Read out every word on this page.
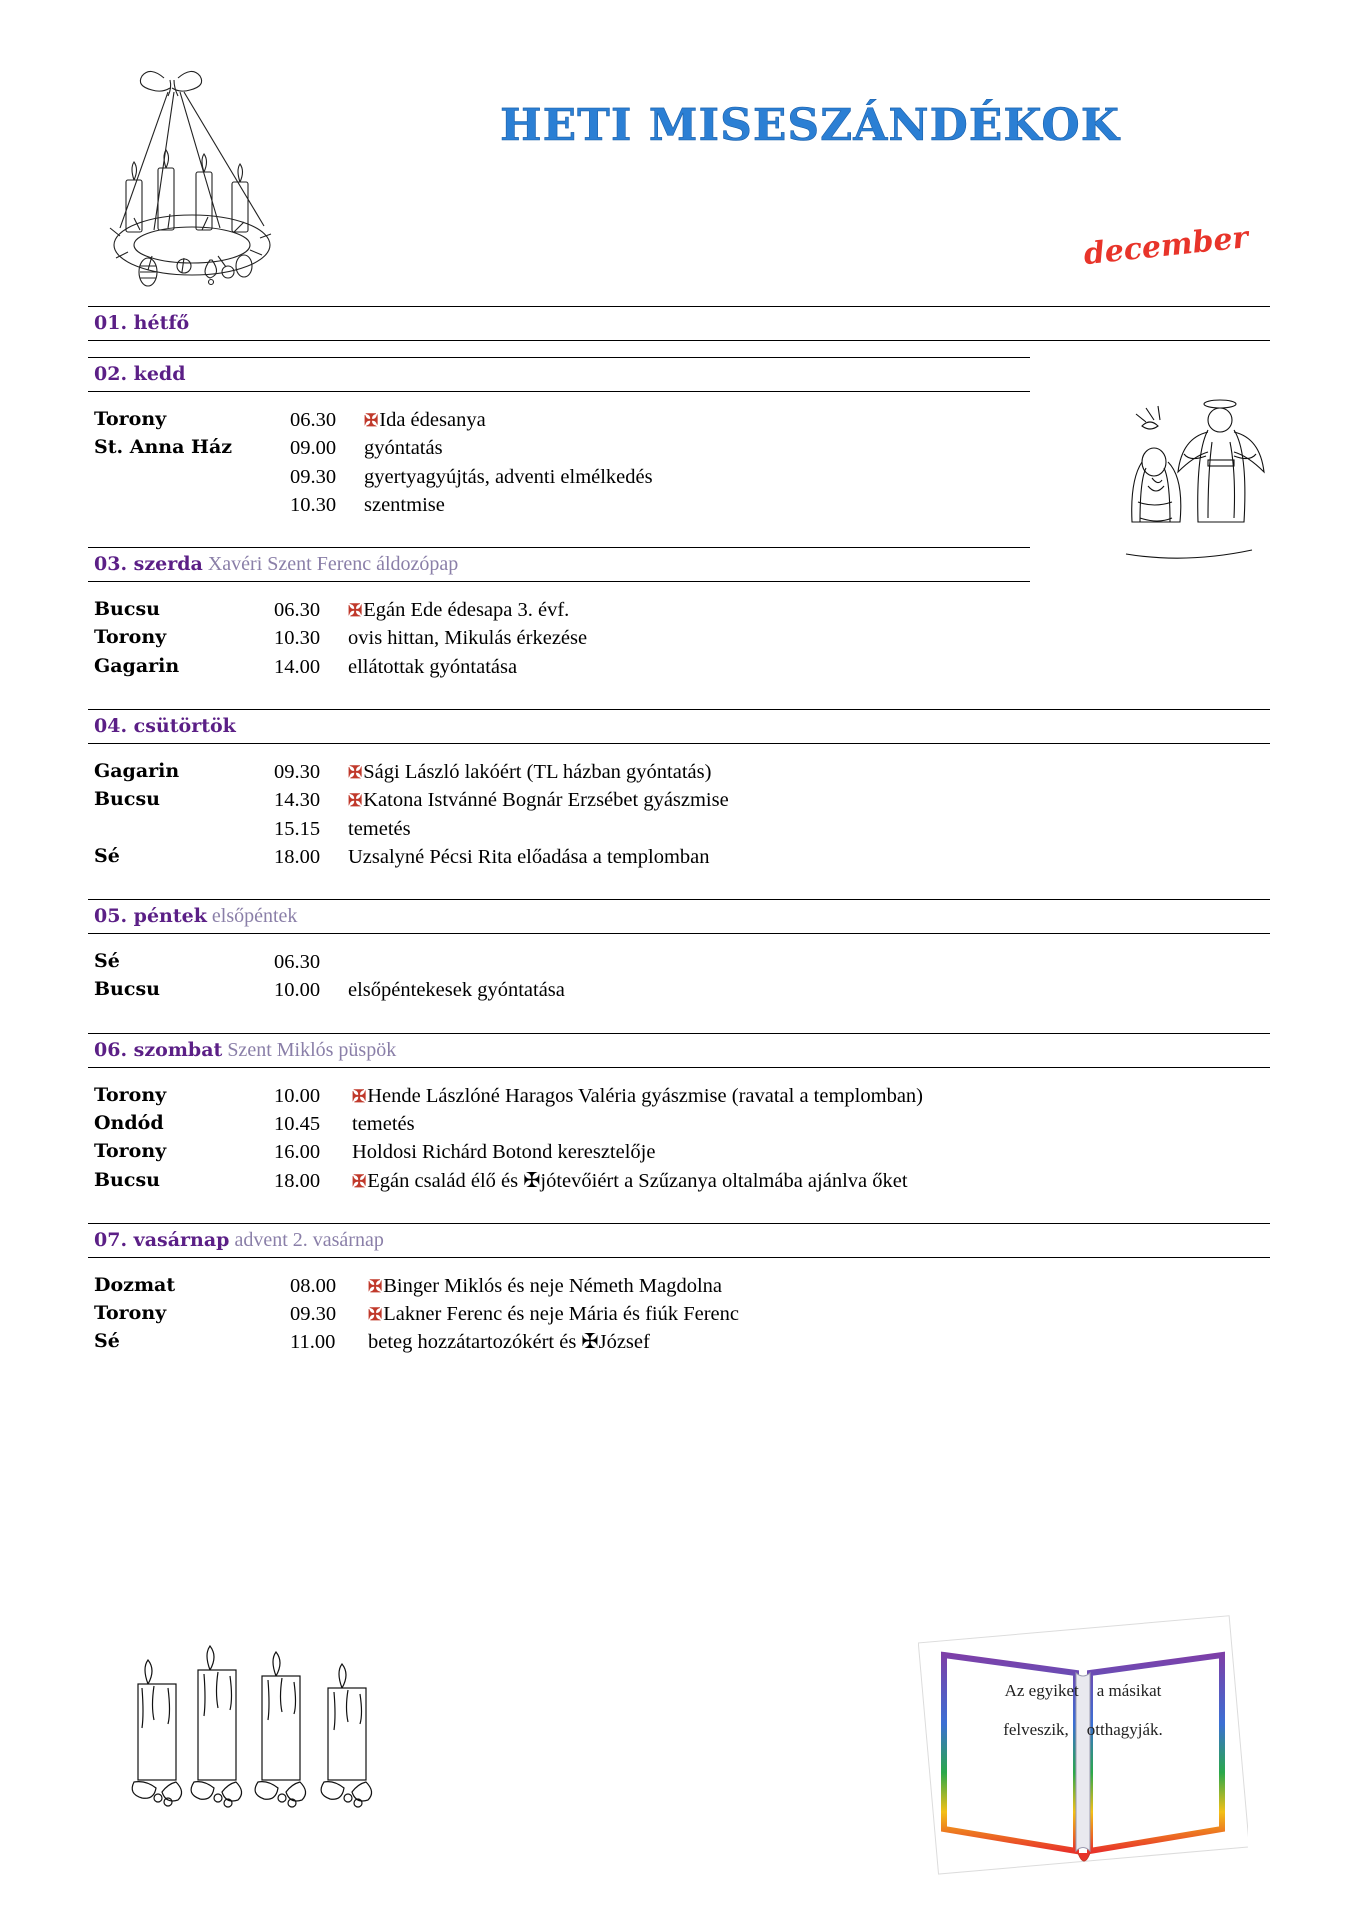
HETI MISESZÁNDÉKOK
december
01. hétfő
02. kedd
Torony	06.30	✠Ida édesanya
St. Anna Ház	09.00	gyóntatás
09.30	gyertyagyújtás, adventi elmélkedés
10.30	szentmise
03. szerda Xavéri Szent Ferenc áldozópap
Bucsu	06.30	✠Egán Ede édesapa 3. évf.
Torony	10.30	ovis hittan, Mikulás érkezése
Gagarin	14.00	ellátottak gyóntatása
04. csütörtök
Gagarin	09.30	✠Sági László lakóért (TL házban gyóntatás)
Bucsu	14.30	✠Katona Istvánné Bognár Erzsébet gyászmise
15.15	temetés
Sé	18.00	Uzsalyné Pécsi Rita előadása a templomban
05. péntek elsőpéntek
Sé	06.30
Bucsu	10.00	elsőpéntekesek gyóntatása
06. szombat Szent Miklós püspök
Torony	10.00	✠Hende Lászlóné Haragos Valéria gyászmise (ravatal a templomban)
Ondód	10.45	temetés
Torony	16.00	Holdosi Richárd Botond keresztelője
Bucsu	18.00	✠Egán család élő és ✠jótevőiért a Szűzanya oltalmába ajánlva őket
07. vasárnap advent 2. vasárnap
Dozmat	08.00	✠Binger Miklós és neje Németh Magdolna
Torony	09.30	✠Lakner Ferenc és neje Mária és fiúk Ferenc
Sé	11.00	beteg hozzátartozókért és ✠József
Az egyiket a másikat
felveszik, otthagyják.
